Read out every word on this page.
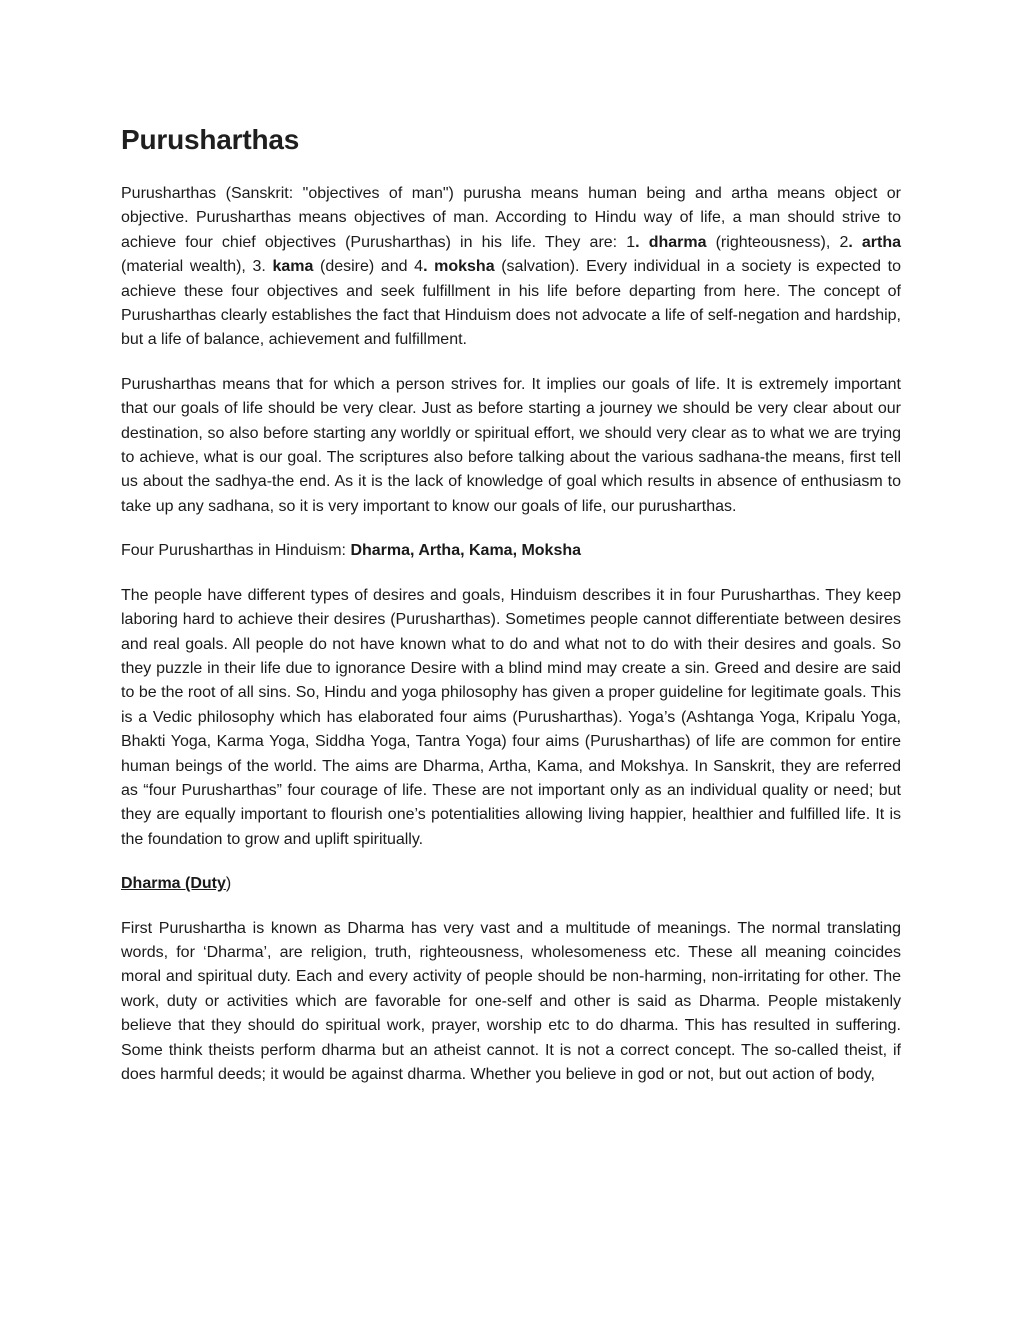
Purusharthas

Purusharthas (Sanskrit: "objectives of man") purusha means human being and artha means object or objective. Purusharthas means objectives of man. According to Hindu way of life, a man should strive to achieve four chief objectives (Purusharthas) in his life. They are: 1. dharma (righteousness), 2. artha (material wealth), 3. kama (desire) and 4. moksha (salvation). Every individual in a society is expected to achieve these four objectives and seek fulfillment in his life before departing from here. The concept of Purusharthas clearly establishes the fact that Hinduism does not advocate a life of self-negation and hardship, but a life of balance, achievement and fulfillment.

Purusharthas means that for which a person strives for. It implies our goals of life. It is extremely important that our goals of life should be very clear. Just as before starting a journey we should be very clear about our destination, so also before starting any worldly or spiritual effort, we should very clear as to what we are trying to achieve, what is our goal. The scriptures also before talking about the various sadhana-the means, first tell us about the sadhya-the end. As it is the lack of knowledge of goal which results in absence of enthusiasm to take up any sadhana, so it is very important to know our goals of life, our purusharthas.

Four Purusharthas in Hinduism: Dharma, Artha, Kama, Moksha

The people have different types of desires and goals, Hinduism describes it in four Purusharthas. They keep laboring hard to achieve their desires (Purusharthas). Sometimes people cannot differentiate between desires and real goals. All people do not have known what to do and what not to do with their desires and goals. So they puzzle in their life due to ignorance Desire with a blind mind may create a sin. Greed and desire are said to be the root of all sins. So, Hindu and yoga philosophy has given a proper guideline for legitimate goals. This is a Vedic philosophy which has elaborated four aims (Purusharthas). Yoga’s (Ashtanga Yoga, Kripalu Yoga, Bhakti Yoga, Karma Yoga, Siddha Yoga, Tantra Yoga) four aims (Purusharthas) of life are common for entire human beings of the world. The aims are Dharma, Artha, Kama, and Mokshya. In Sanskrit, they are referred as “four Purusharthas” four courage of life. These are not important only as an individual quality or need; but they are equally important to flourish one’s potentialities allowing living happier, healthier and fulfilled life. It is the foundation to grow and uplift spiritually.

Dharma (Duty)

First Purushartha is known as Dharma has very vast and a multitude of meanings. The normal translating words, for ‘Dharma’, are religion, truth, righteousness, wholesomeness etc. These all meaning coincides moral and spiritual duty. Each and every activity of people should be non-harming, non-irritating for other. The work, duty or activities which are favorable for one-self and other is said as Dharma. People mistakenly believe that they should do spiritual work, prayer, worship etc to do dharma. This has resulted in suffering. Some think theists perform dharma but an atheist cannot. It is not a correct concept. The so-called theist, if does harmful deeds; it would be against dharma. Whether you believe in god or not, but out action of body,
